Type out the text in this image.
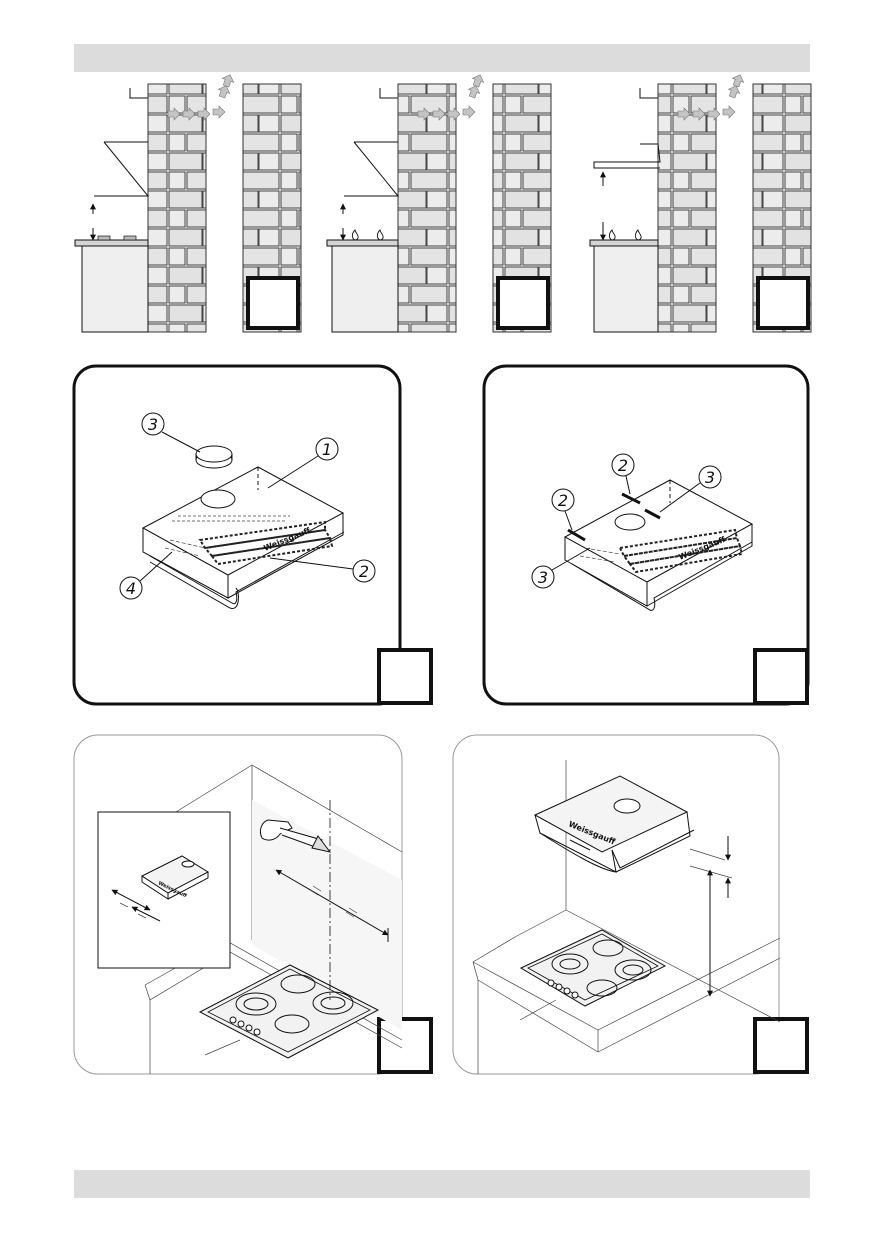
Weissgauff
3
1
2
4
Weissgauff
2
2
3
3
Weissgauff
Weissgauff
